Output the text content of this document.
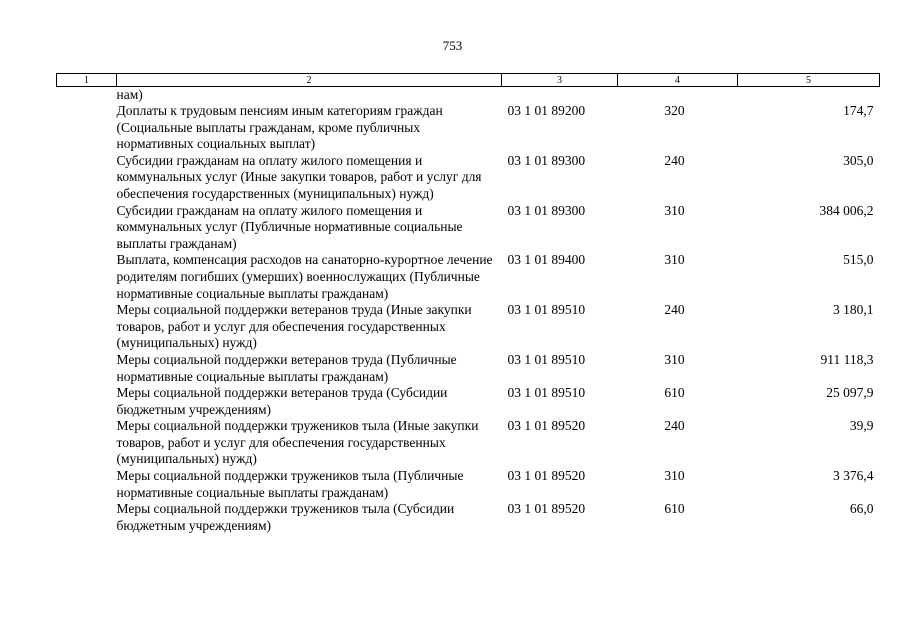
753
1	2	3	4	5
	нам)			
	Доплаты к трудовым пенсиям иным категориям граждан (Социальные выплаты гражданам, кроме публичных нормативных социальных выплат)	03 1 01 89200	320	174,7
	Субсидии гражданам на оплату жилого помещения и коммунальных услуг (Иные закупки товаров, работ и услуг для обеспечения государственных (муниципальных) нужд)	03 1 01 89300	240	305,0
	Субсидии гражданам на оплату жилого помещения и коммунальных услуг (Публичные нормативные социальные выплаты гражданам)	03 1 01 89300	310	384 006,2
	Выплата, компенсация расходов на санаторно-курортное лечение родителям погибших (умерших) военнослужащих (Публичные нормативные социальные выплаты гражданам)	03 1 01 89400	310	515,0
	Меры социальной поддержки ветеранов труда (Иные закупки товаров, работ и услуг для обеспечения государственных (муниципальных) нужд)	03 1 01 89510	240	3 180,1
	Меры социальной поддержки ветеранов труда (Публичные нормативные социальные выплаты гражданам)	03 1 01 89510	310	911 118,3
	Меры социальной поддержки ветеранов труда (Субсидии бюджетным учреждениям)	03 1 01 89510	610	25 097,9
	Меры социальной поддержки тружеников тыла (Иные закупки товаров, работ и услуг для обеспечения государственных (муниципальных) нужд)	03 1 01 89520	240	39,9
	Меры социальной поддержки тружеников тыла (Публичные нормативные социальные выплаты гражданам)	03 1 01 89520	310	3 376,4
	Меры социальной поддержки тружеников тыла (Субсидии бюджетным учреждениям)	03 1 01 89520	610	66,0
